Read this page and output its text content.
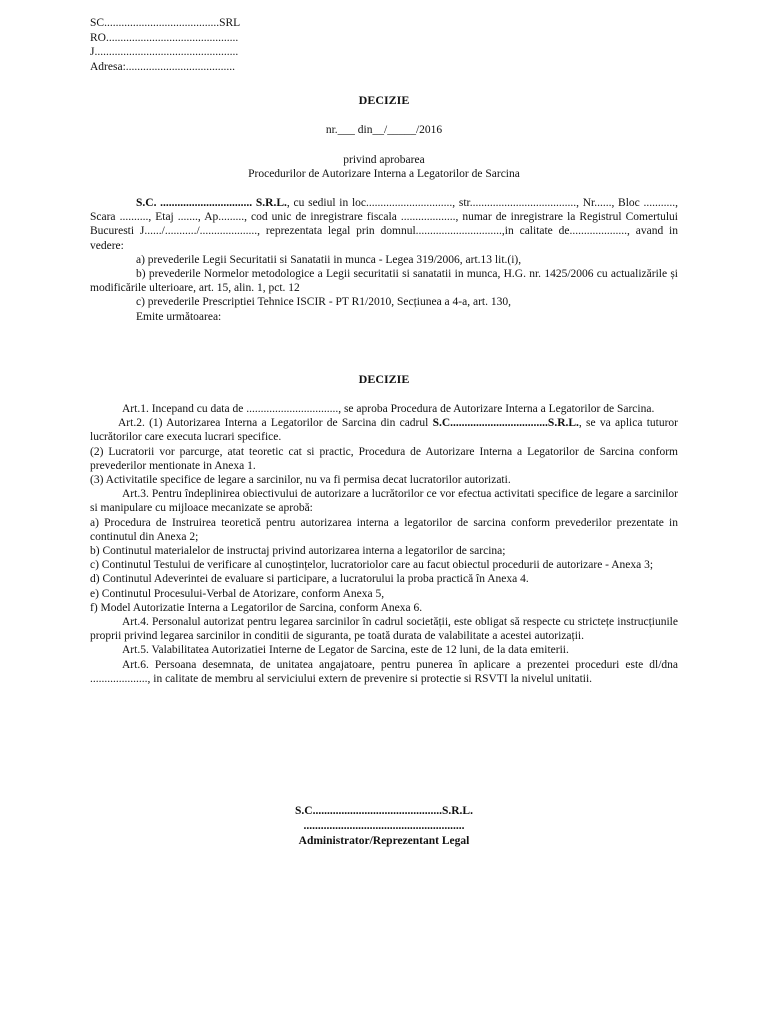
SC........................................SRL
RO..............................................
J..................................................
Adresa:......................................
DECIZIE
nr.___ din__/_____/2016
privind aprobarea
Procedurilor de Autorizare Interna a Legatorilor de Sarcina

S.C. ................................ S.R.L., cu sediul in loc.............................., str....................................., Nr......, Bloc ..........., Scara .........., Etaj ......., Ap........., cod unic de inregistrare fiscala ..................., numar de inregistrare la Registrul Comertului Bucuresti J....../.........../...................., reprezentata legal prin domnul..............................,in calitate de...................., avand in vedere:

a) prevederile Legii Securitatii si Sanatatii in munca - Legea 319/2006, art.13 lit.(i),

b) prevederile Normelor metodologice a Legii securitatii si sanatatii in munca, H.G. nr. 1425/2006 cu actualizările și modificările ulterioare, art. 15, alin. 1, pct. 12

c) prevederile Prescriptiei Tehnice ISCIR - PT R1/2010, Secțiunea a 4-a, art. 130,

Emite următoarea:

DECIZIE

Art.1. Incepand cu data de ................................, se aproba Procedura de Autorizare Interna a Legatorilor de Sarcina.

Art.2. (1) Autorizarea Interna a Legatorilor de Sarcina din cadrul S.C..................................S.R.L., se va aplica tuturor lucrătorilor care executa lucrari specifice.

(2) Lucratorii vor parcurge, atat teoretic cat si practic, Procedura de Autorizare Interna a Legatorilor de Sarcina conform prevederilor mentionate in Anexa 1.

(3) Activitatile specifice de legare a sarcinilor, nu va fi permisa decat lucratorilor autorizati.

Art.3. Pentru îndeplinirea obiectivului de autorizare a lucrătorilor ce vor efectua activitati specifice de legare a sarcinilor si manipulare cu mijloace mecanizate se aprobă:

a) Procedura de Instruirea teoretică pentru autorizarea interna a legatorilor de sarcina conform prevederilor prezentate in continutul din Anexa 2;

b) Continutul materialelor de instructaj privind autorizarea interna a legatorilor de sarcina;

c) Continutul Testului de verificare al cunoștințelor, lucratoriolor care au facut obiectul procedurii de autorizare - Anexa 3;

d) Continutul Adeverintei de evaluare si participare, a lucratorului la proba practică în Anexa 4.

e) Continutul Procesului-Verbal de Atorizare, conform Anexa 5,

f) Model Autorizatie Interna a Legatorilor de Sarcina, conform Anexa 6.

Art.4. Personalul autorizat pentru legarea sarcinilor în cadrul societății, este obligat să respecte cu strictețe instrucțiunile proprii privind legarea sarcinilor in conditii de siguranta, pe toată durata de valabilitate a acestei autorizații.

Art.5. Valabilitatea Autorizatiei Interne de Legator de Sarcina, este de 12 luni, de la data emiterii.

Art.6. Persoana desemnata, de unitatea angajatoare, pentru punerea în aplicare a prezentei proceduri este dl/dna ...................., in calitate de membru al serviciului extern de prevenire si protectie si RSVTI la nivelul unitatii.

S.C.............................................S.R.L.
........................................................
Administrator/Reprezentant Legal
